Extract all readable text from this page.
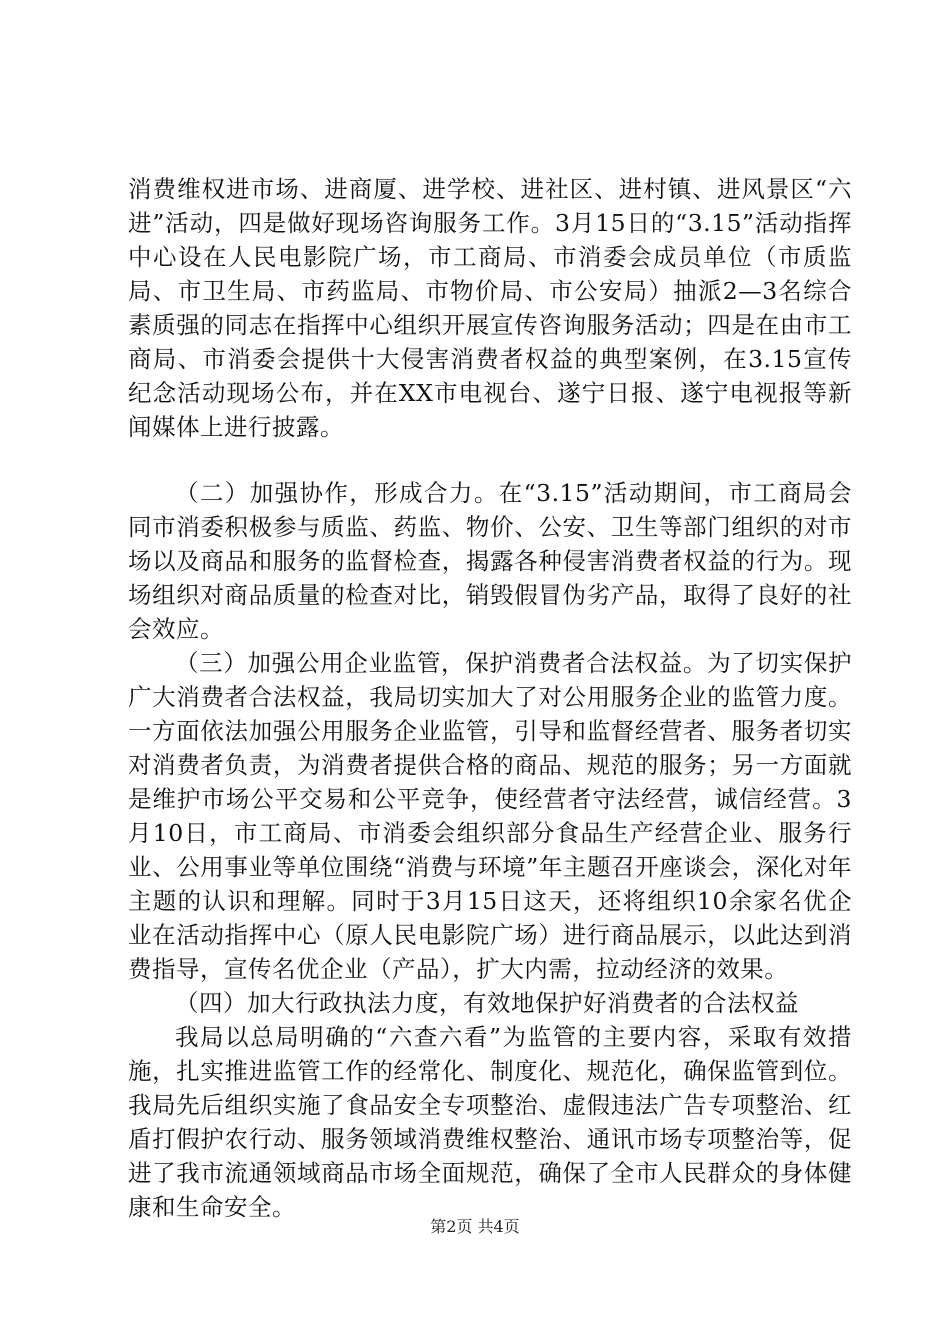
消费维权进市场、进商厦、进学校、进社区、进村镇、进风景区“六进”活动，四是做好现场咨询服务工作。3月15日的“3.15”活动指挥中心设在人民电影院广场，市工商局、市消委会成员单位（市质监局、市卫生局、市药监局、市物价局、市公安局）抽派2—3名综合素质强的同志在指挥中心组织开展宣传咨询服务活动；四是在由市工商局、市消委会提供十大侵害消费者权益的典型案例，在3.15宣传纪念活动现场公布，并在XX市电视台、遂宁日报、遂宁电视报等新闻媒体上进行披露。

（二）加强协作，形成合力。在“3.15”活动期间，市工商局会同市消委积极参与质监、药监、物价、公安、卫生等部门组织的对市场以及商品和服务的监督检查，揭露各种侵害消费者权益的行为。现场组织对商品质量的检查对比，销毁假冒伪劣产品，取得了良好的社会效应。

（三）加强公用企业监管，保护消费者合法权益。为了切实保护广大消费者合法权益，我局切实加大了对公用服务企业的监管力度。一方面依法加强公用服务企业监管，引导和监督经营者、服务者切实对消费者负责，为消费者提供合格的商品、规范的服务；另一方面就是维护市场公平交易和公平竞争，使经营者守法经营，诚信经营。3月10日，市工商局、市消委会组织部分食品生产经营企业、服务行业、公用事业等单位围绕“消费与环境”年主题召开座谈会，深化对年主题的认识和理解。同时于3月15日这天，还将组织10余家名优企业在活动指挥中心（原人民电影院广场）进行商品展示，以此达到消费指导，宣传名优企业（产品），扩大内需，拉动经济的效果。

（四）加大行政执法力度，有效地保护好消费者的合法权益

我局以总局明确的“六查六看”为监管的主要内容，采取有效措施，扎实推进监管工作的经常化、制度化、规范化，确保监管到位。我局先后组织实施了食品安全专项整治、虚假违法广告专项整治、红盾打假护农行动、服务领域消费维权整治、通讯市场专项整治等，促进了我市流通领域商品市场全面规范，确保了全市人民群众的身体健康和生命安全。

第2页 共4页
